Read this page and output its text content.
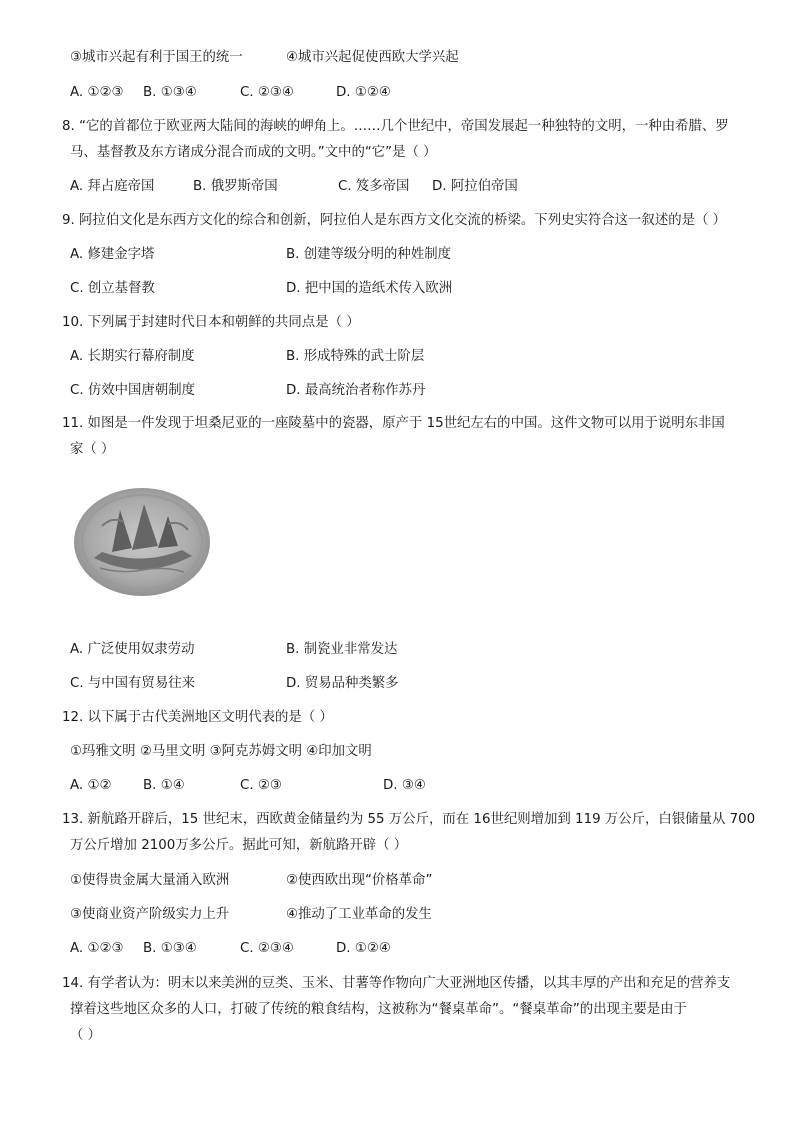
③城市兴起有利于国王的统一	④城市兴起促使西欧大学兴起
A. ①②③ B. ①③④	C. ②③④	D. ①②④
8. “它的首都位于欧亚两大陆间的海峡的岬角上。……几个世纪中，帝国发展起一种独特的文明，一种由希腊、罗
马、基督教及东方诸成分混合而成的文明。”文中的“它”是（ ）
A. 拜占庭帝国	B. 俄罗斯帝国	C. 笈多帝国 D. 阿拉伯帝国
9. 阿拉伯文化是东西方文化的综合和创新，阿拉伯人是东西方文化交流的桥梁。下列史实符合这一叙述的是（ ）
A. 修建金字塔	B. 创建等级分明的种姓制度
C. 创立基督教	D. 把中国的造纸术传入欧洲
10. 下列属于封建时代日本和朝鲜的共同点是（ ）
A. 长期实行幕府制度	B. 形成特殊的武士阶层
C. 仿效中国唐朝制度	D. 最高统治者称作苏丹
11. 如图是一件发现于坦桑尼亚的一座陵墓中的瓷器，原产于 15世纪左右的中国。这件文物可以用于说明东非国
家（ ）
A. 广泛使用奴隶劳动	B. 制瓷业非常发达
C. 与中国有贸易往来	D. 贸易品种类繁多
12. 以下属于古代美洲地区文明代表的是（ ）
①玛雅文明 ②马里文明 ③阿克苏姆文明 ④印加文明
A. ①② B. ①④	C. ②③	D. ③④
13. 新航路开辟后，15 世纪末，西欧黄金储量约为 55 万公斤，而在 16世纪则增加到 119 万公斤，白银储量从 700
万公斤增加 2100万多公斤。据此可知，新航路开辟（ ）
①使得贵金属大量涌入欧洲	②使西欧出现“价格革命”
③使商业资产阶级实力上升	④推动了工业革命的发生
A. ①②③ B. ①③④	C. ②③④	D. ①②④
14. 有学者认为：明末以来美洲的豆类、玉米、甘薯等作物向广大亚洲地区传播，以其丰厚的产出和充足的营养支
撑着这些地区众多的人口，打破了传统的粮食结构，这被称为“餐桌革命”。“餐桌革命”的出现主要是由于
（ ）
